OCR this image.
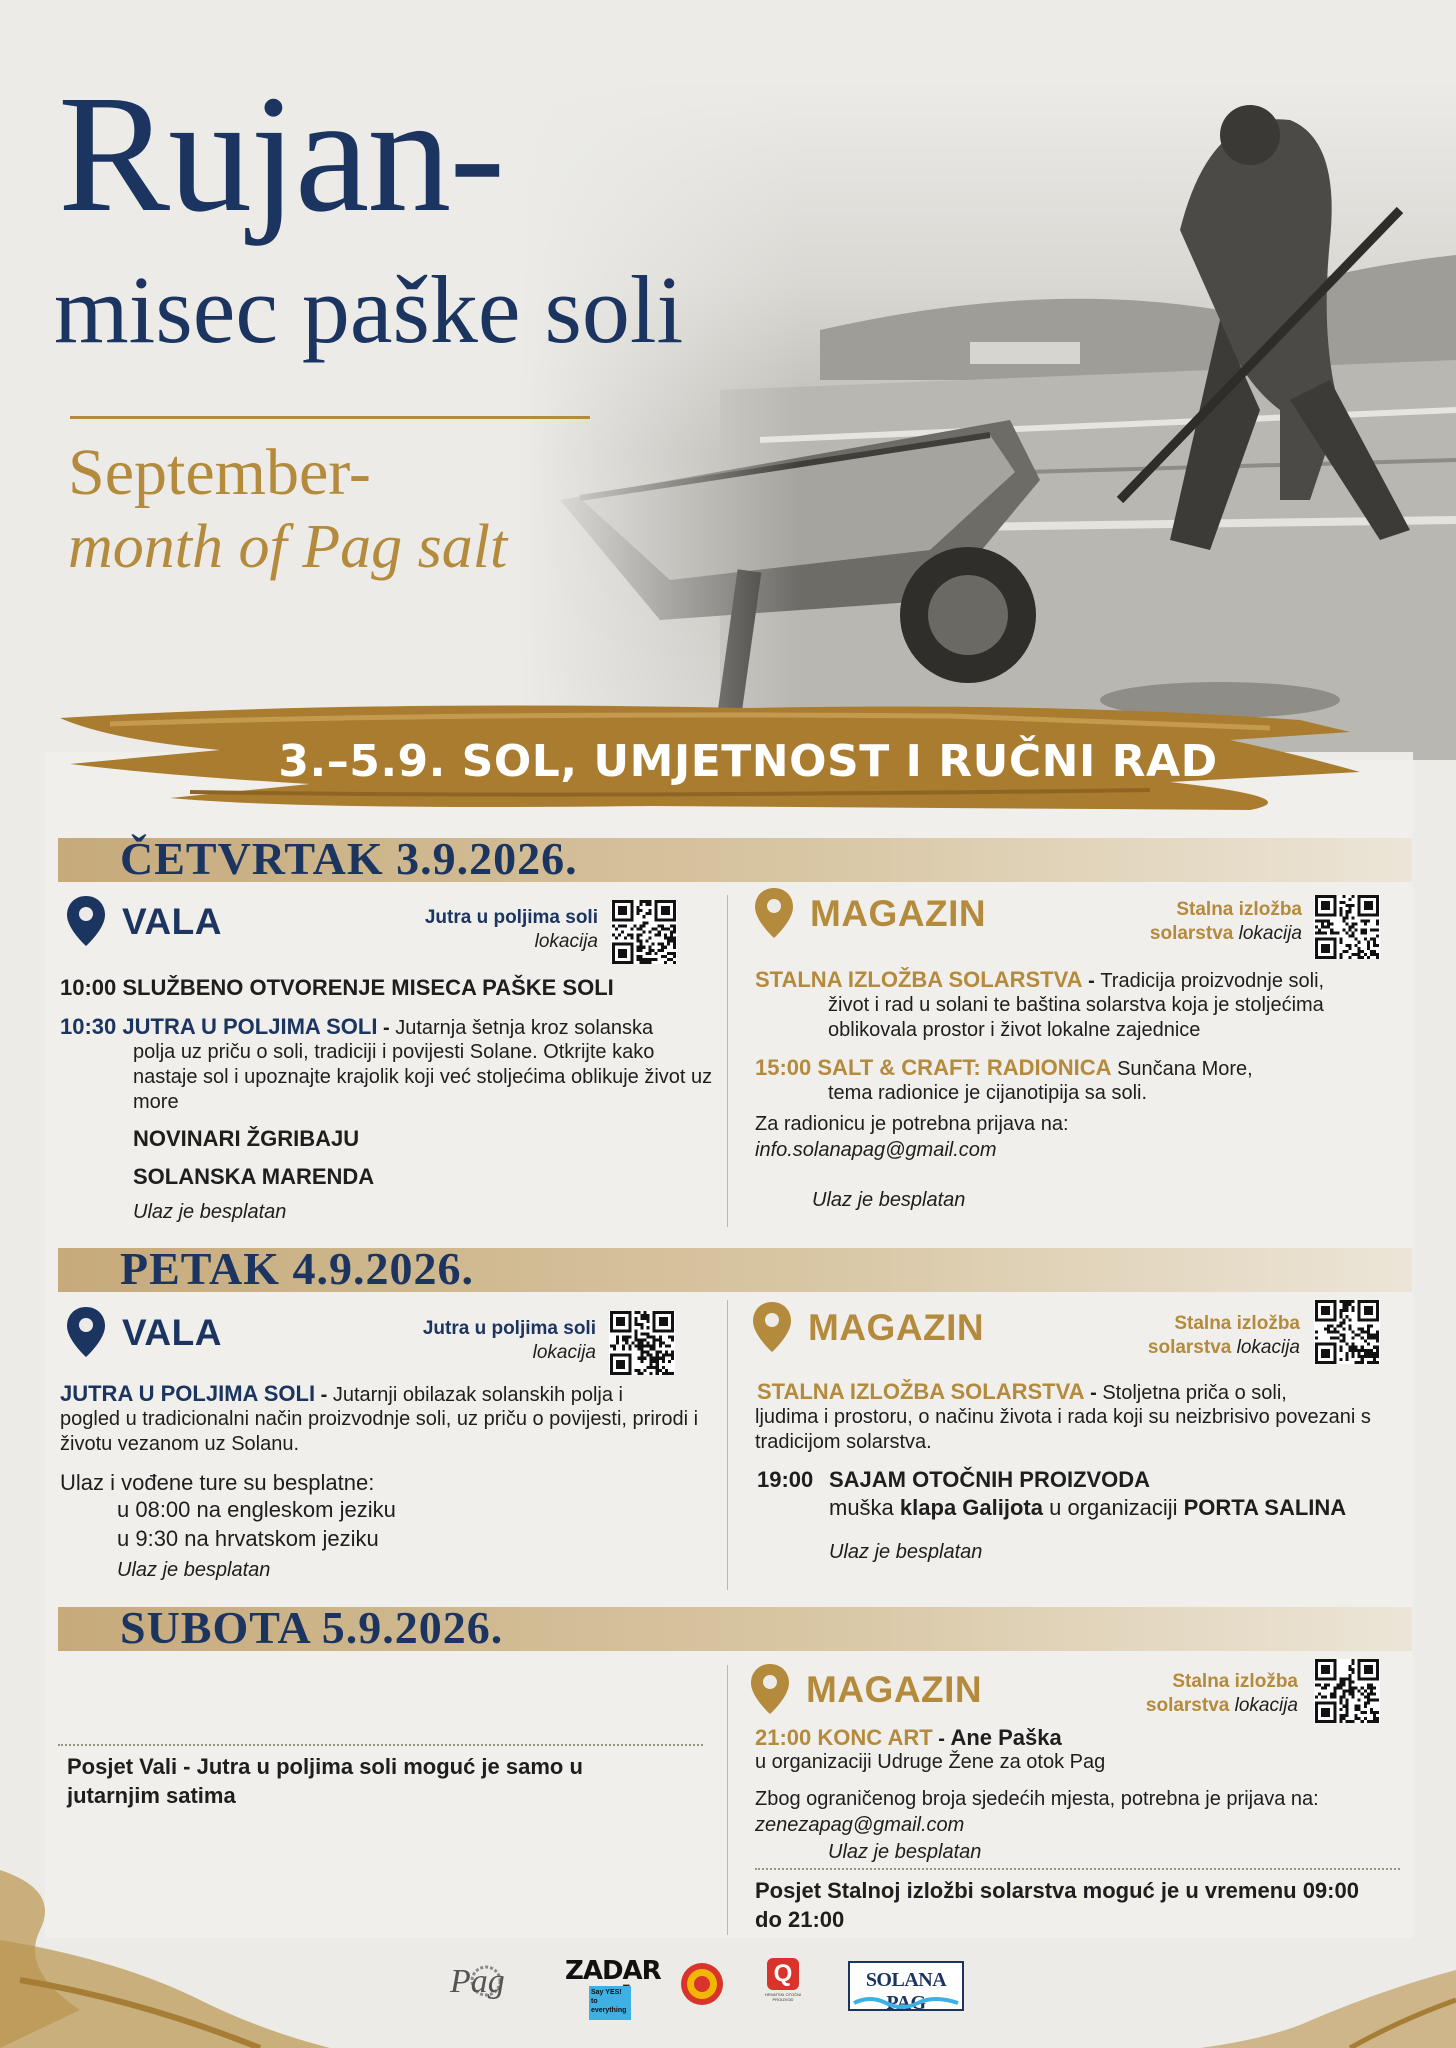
Rujan-
misec paške soli
September-
month of Pag salt
3.–5.9. SOL, UMJETNOST I RUČNI RAD
ČETVRTAK 3.9.2026.
VALA	Jutra u poljima soli
lokacija
10:00 SLUŽBENO OTVORENJE MISECA PAŠKE SOLI
10:30 JUTRA U POLJIMA SOLI - Jutarnja šetnja kroz solanska
polja uz priču o soli, tradiciji i povijesti Solane. Otkrijte kako nastaje sol i upoznajte krajolik koji već stoljećima oblikuje život uz more
NOVINARI ŽGRIBAJU
SOLANSKA MARENDA
Ulaz je besplatan
MAGAZIN	Stalna izložba solarstva lokacija
STALNA IZLOŽBA SOLARSTVA - Tradicija proizvodnje soli,
život i rad u solani te baština solarstva koja je stoljećima oblikovala prostor i život lokalne zajednice
15:00 SALT & CRAFT: RADIONICA Sunčana More,
tema radionice je cijanotipija sa soli.
Za radionicu je potrebna prijava na:
info.solanapag@gmail.com
Ulaz je besplatan
PETAK 4.9.2026.
VALA	Jutra u poljima soli
lokacija
JUTRA U POLJIMA SOLI - Jutarnji obilazak solanskih polja i
pogled u tradicionalni način proizvodnje soli, uz priču o povijesti, prirodi i životu vezanom uz Solanu.
Ulaz i vođene ture su besplatne:
u 08:00 na engleskom jeziku
u 9:30 na hrvatskom jeziku
Ulaz je besplatan
MAGAZIN	Stalna izložba solarstva lokacija
STALNA IZLOŽBA SOLARSTVA - Stoljetna priča o soli,
ljudima i prostoru, o načinu života i rada koji su neizbrisivo povezani s tradicijom solarstva.
19:00 SAJAM OTOČNIH PROIZVODA
muška klapa Galijota u organizaciji PORTA SALINA
Ulaz je besplatan
SUBOTA 5.9.2026.
Posjet Vali - Jutra u poljima soli moguć je samo u jutarnjim satima
MAGAZIN	Stalna izložba solarstva lokacija
21:00 KONC ART - Ane Paška
u organizaciji Udruge Žene za otok Pag
Zbog ograničenog broja sjedećih mjesta, potrebna je prijava na:
zenezapag@gmail.com
Ulaz je besplatan
Posjet Stalnoj izložbi solarstva moguć je u vremenu 09:00 do 21:00
Pag ZADAR
Say YES! to everything
Q
HRVATSKI OTOČNI PROIZVOD
SOLANA PAG
